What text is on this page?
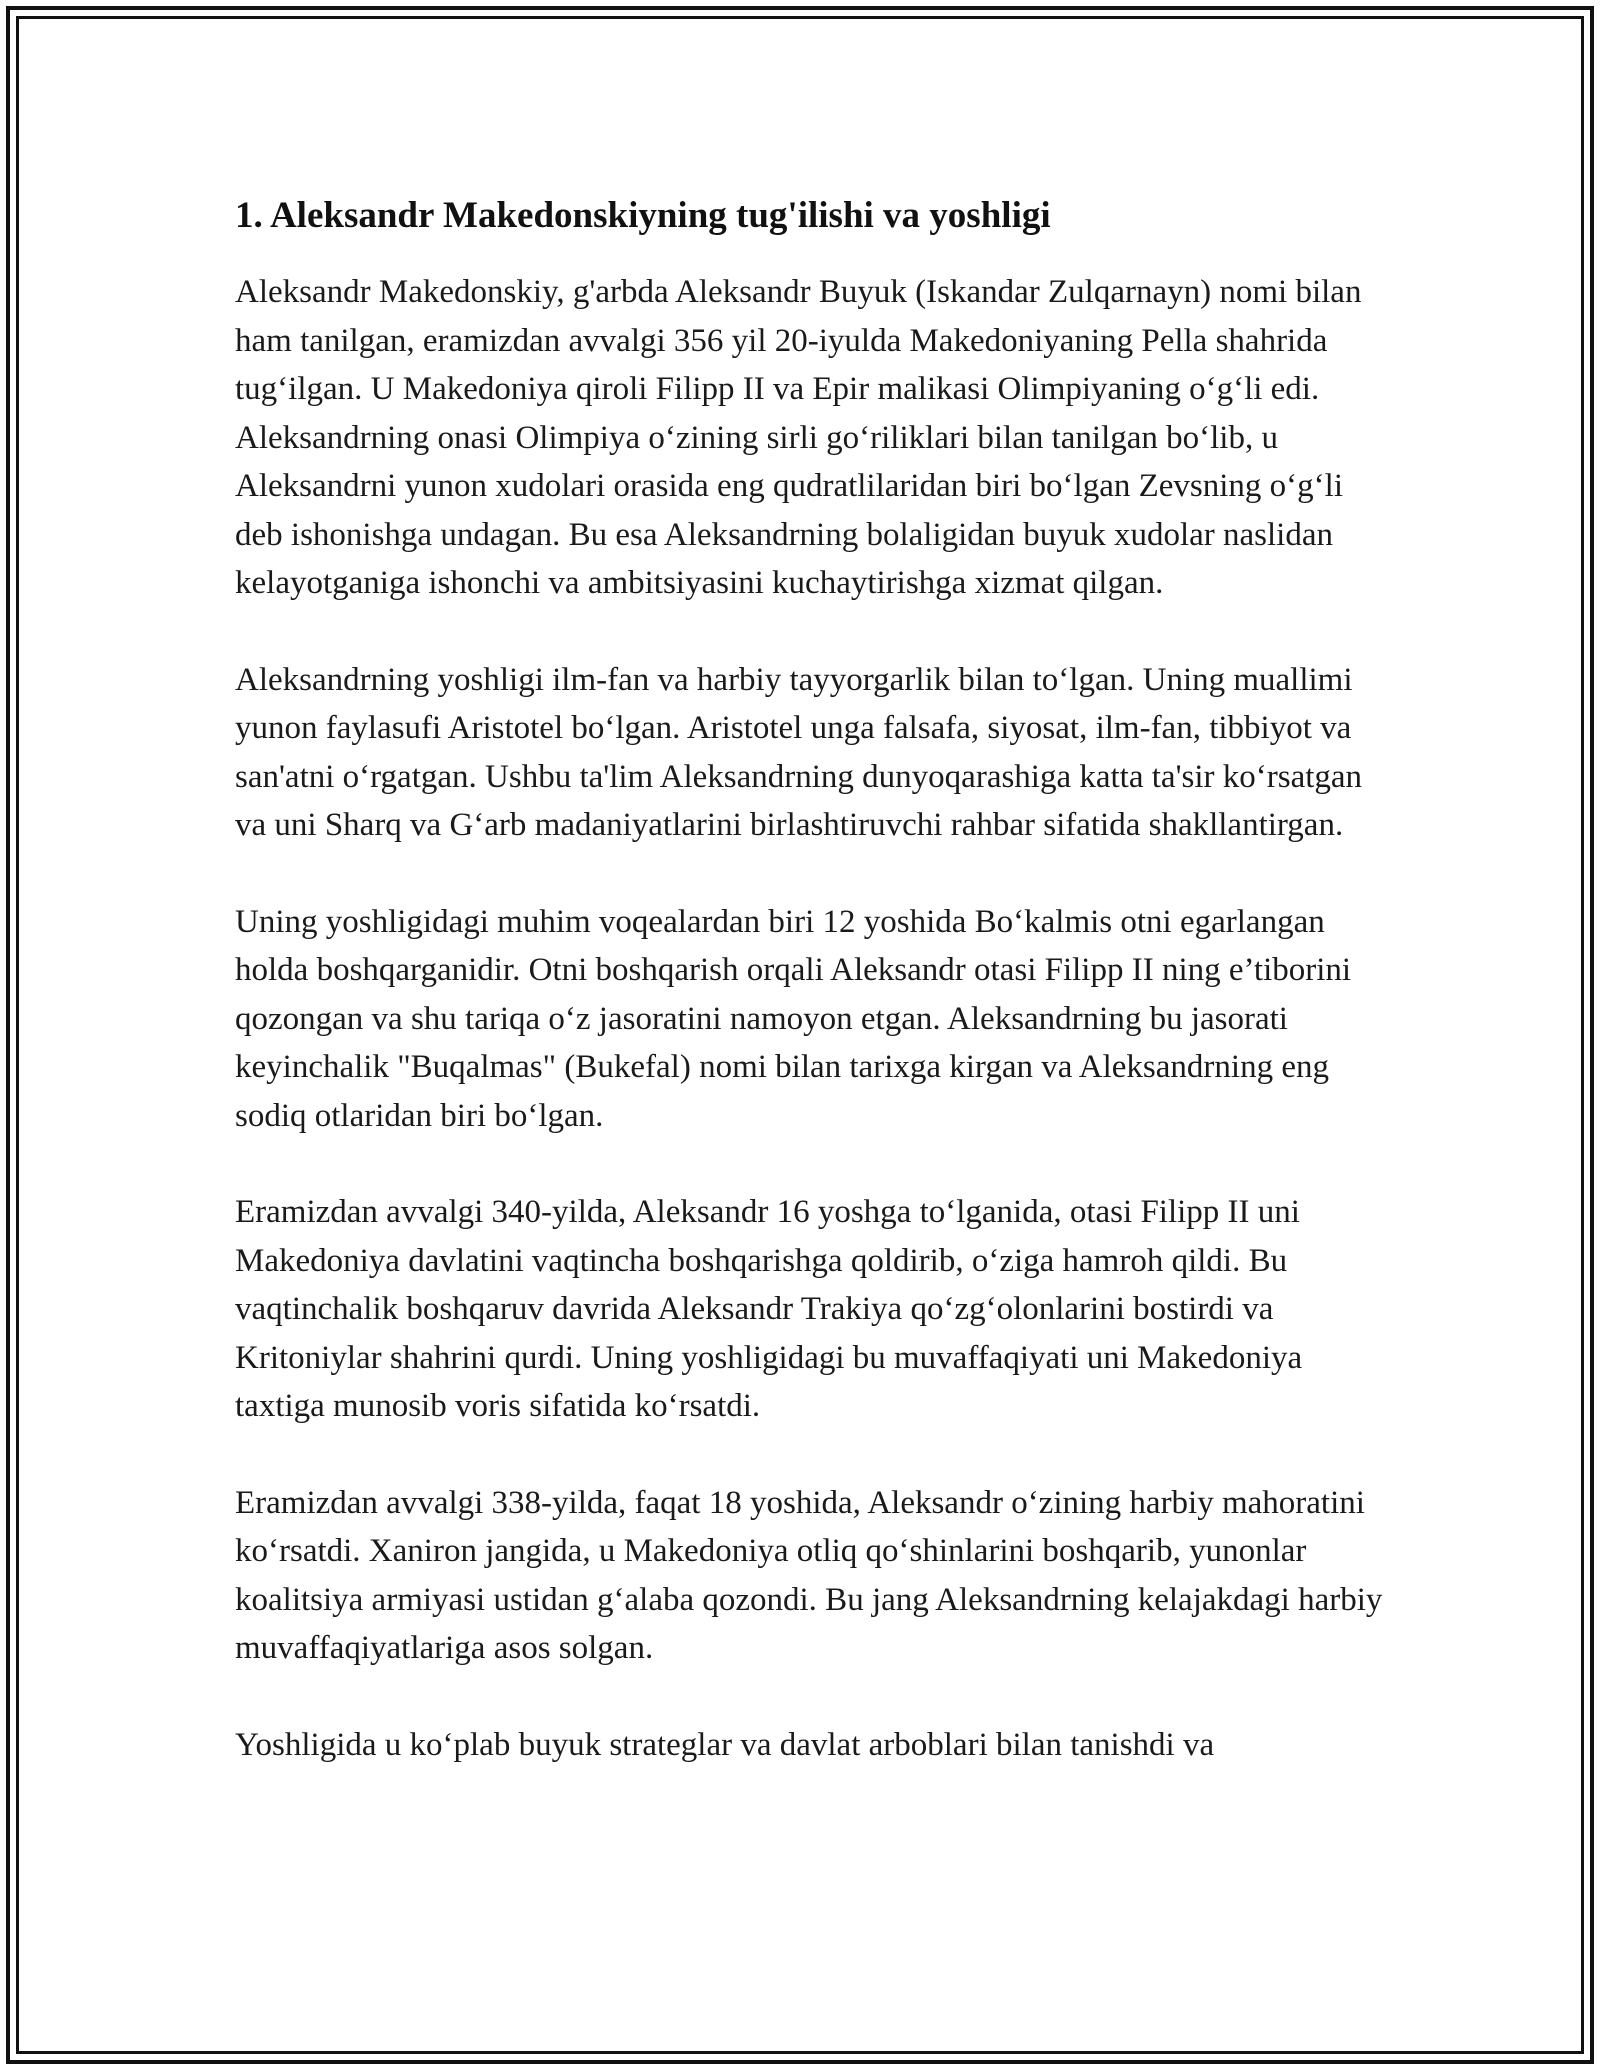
1. Aleksandr Makedonskiyning tug'ilishi va yoshligi

Aleksandr Makedonskiy, g'arbda Aleksandr Buyuk (Iskandar Zulqarnayn) nomi bilan ham tanilgan, eramizdan avvalgi 356 yil 20-iyulda Makedoniyaning Pella shahrida tug‘ilgan. U Makedoniya qiroli Filipp II va Epir malikasi Olimpiyaning o‘g‘li edi. Aleksandrning onasi Olimpiya o‘zining sirli go‘riliklari bilan tanilgan bo‘lib, u Aleksandrni yunon xudolari orasida eng qudratlilaridan biri bo‘lgan Zevsning o‘g‘li deb ishonishga undagan. Bu esa Aleksandrning bolaligidan buyuk xudolar naslidan kelayotganiga ishonchi va ambitsiyasini kuchaytirishga xizmat qilgan.

Aleksandrning yoshligi ilm-fan va harbiy tayyorgarlik bilan to‘lgan. Uning muallimi yunon faylasufi Aristotel bo‘lgan. Aristotel unga falsafa, siyosat, ilm-fan, tibbiyot va san'atni o‘rgatgan. Ushbu ta'lim Aleksandrning dunyoqarashiga katta ta'sir ko‘rsatgan va uni Sharq va G‘arb madaniyatlarini birlashtiruvchi rahbar sifatida shakllantirgan.

Uning yoshligidagi muhim voqealardan biri 12 yoshida Bo‘kalmis otni egarlangan holda boshqarganidir. Otni boshqarish orqali Aleksandr otasi Filipp II ning e’tiborini qozongan va shu tariqa o‘z jasoratini namoyon etgan. Aleksandrning bu jasorati keyinchalik "Buqalmas" (Bukefal) nomi bilan tarixga kirgan va Aleksandrning eng sodiq otlaridan biri bo‘lgan.

Eramizdan avvalgi 340-yilda, Aleksandr 16 yoshga to‘lganida, otasi Filipp II uni Makedoniya davlatini vaqtincha boshqarishga qoldirib, o‘ziga hamroh qildi. Bu vaqtinchalik boshqaruv davrida Aleksandr Trakiya qo‘zg‘olonlarini bostirdi va Kritoniylar shahrini qurdi. Uning yoshligidagi bu muvaffaqiyati uni Makedoniya taxtiga munosib voris sifatida ko‘rsatdi.

Eramizdan avvalgi 338-yilda, faqat 18 yoshida, Aleksandr o‘zining harbiy mahoratini ko‘rsatdi. Xaniron jangida, u Makedoniya otliq qo‘shinlarini boshqarib, yunonlar koalitsiya armiyasi ustidan g‘alaba qozondi. Bu jang Aleksandrning kelajakdagi harbiy muvaffaqiyatlariga asos solgan.

Yoshligida u ko‘plab buyuk strateglar va davlat arboblari bilan tanishdi va
